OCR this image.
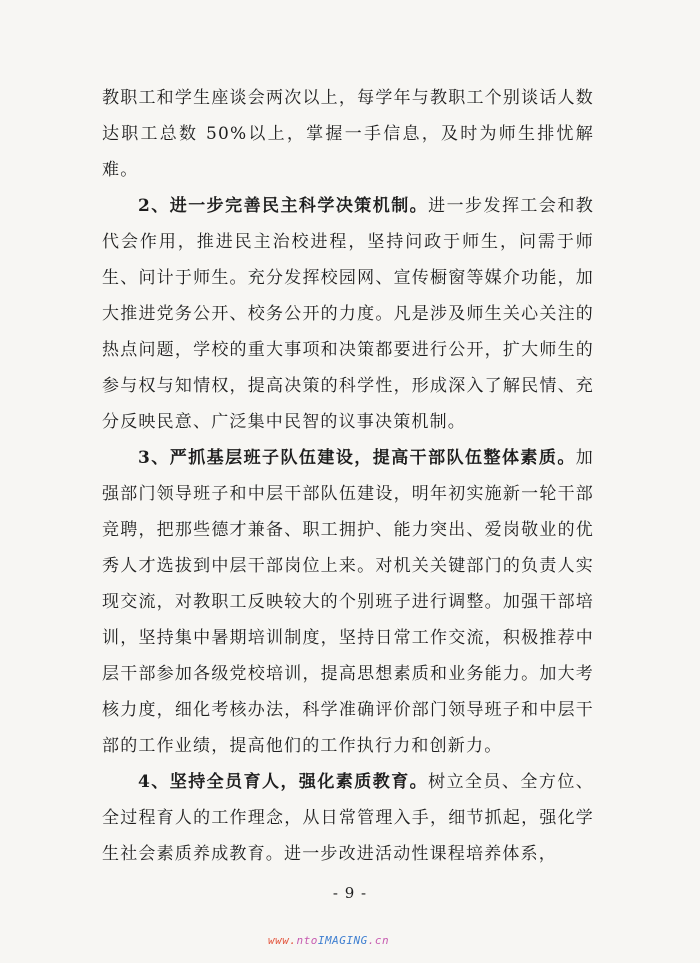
教职工和学生座谈会两次以上，每学年与教职工个别谈话人数达职工总数 50%以上，掌握一手信息，及时为师生排忧解难。

2、进一步完善民主科学决策机制。进一步发挥工会和教代会作用，推进民主治校进程，坚持问政于师生，问需于师生、问计于师生。充分发挥校园网、宣传橱窗等媒介功能，加大推进党务公开、校务公开的力度。凡是涉及师生关心关注的热点问题，学校的重大事项和决策都要进行公开，扩大师生的参与权与知情权，提高决策的科学性，形成深入了解民情、充分反映民意、广泛集中民智的议事决策机制。

3、严抓基层班子队伍建设，提高干部队伍整体素质。加强部门领导班子和中层干部队伍建设，明年初实施新一轮干部竞聘，把那些德才兼备、职工拥护、能力突出、爱岗敬业的优秀人才选拔到中层干部岗位上来。对机关关键部门的负责人实现交流，对教职工反映较大的个别班子进行调整。加强干部培训，坚持集中暑期培训制度，坚持日常工作交流，积极推荐中层干部参加各级党校培训，提高思想素质和业务能力。加大考核力度，细化考核办法，科学准确评价部门领导班子和中层干部的工作业绩，提高他们的工作执行力和创新力。

4、坚持全员育人，强化素质教育。树立全员、全方位、全过程育人的工作理念，从日常管理入手，细节抓起，强化学生社会素质养成教育。进一步改进活动性课程培养体系，

- 9 -
www.ntoIMAGING.cn
